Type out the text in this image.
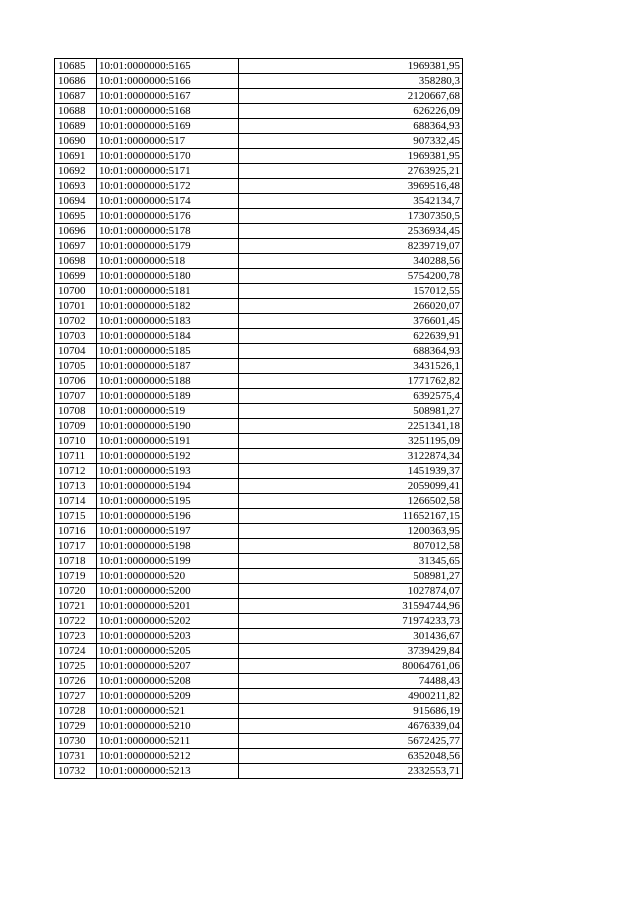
10685	10:01:0000000:5165	1969381,95
10686	10:01:0000000:5166	358280,3
10687	10:01:0000000:5167	2120667,68
10688	10:01:0000000:5168	626226,09
10689	10:01:0000000:5169	688364,93
10690	10:01:0000000:517	907332,45
10691	10:01:0000000:5170	1969381,95
10692	10:01:0000000:5171	2763925,21
10693	10:01:0000000:5172	3969516,48
10694	10:01:0000000:5174	3542134,7
10695	10:01:0000000:5176	17307350,5
10696	10:01:0000000:5178	2536934,45
10697	10:01:0000000:5179	8239719,07
10698	10:01:0000000:518	340288,56
10699	10:01:0000000:5180	5754200,78
10700	10:01:0000000:5181	157012,55
10701	10:01:0000000:5182	266020,07
10702	10:01:0000000:5183	376601,45
10703	10:01:0000000:5184	622639,91
10704	10:01:0000000:5185	688364,93
10705	10:01:0000000:5187	3431526,1
10706	10:01:0000000:5188	1771762,82
10707	10:01:0000000:5189	6392575,4
10708	10:01:0000000:519	508981,27
10709	10:01:0000000:5190	2251341,18
10710	10:01:0000000:5191	3251195,09
10711	10:01:0000000:5192	3122874,34
10712	10:01:0000000:5193	1451939,37
10713	10:01:0000000:5194	2059099,41
10714	10:01:0000000:5195	1266502,58
10715	10:01:0000000:5196	11652167,15
10716	10:01:0000000:5197	1200363,95
10717	10:01:0000000:5198	807012,58
10718	10:01:0000000:5199	31345,65
10719	10:01:0000000:520	508981,27
10720	10:01:0000000:5200	1027874,07
10721	10:01:0000000:5201	31594744,96
10722	10:01:0000000:5202	71974233,73
10723	10:01:0000000:5203	301436,67
10724	10:01:0000000:5205	3739429,84
10725	10:01:0000000:5207	80064761,06
10726	10:01:0000000:5208	74488,43
10727	10:01:0000000:5209	4900211,82
10728	10:01:0000000:521	915686,19
10729	10:01:0000000:5210	4676339,04
10730	10:01:0000000:5211	5672425,77
10731	10:01:0000000:5212	6352048,56
10732	10:01:0000000:5213	2332553,71
